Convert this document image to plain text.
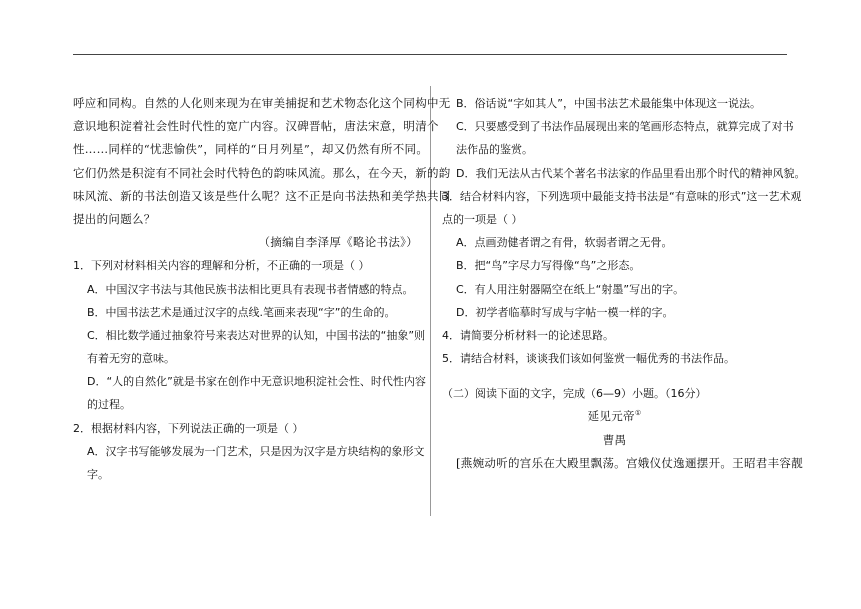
呼应和同构。自然的人化则来现为在审美捕捉和艺术物态化这个同构中无
意识地积淀着社会性时代性的宽广内容。汉碑晋帖，唐法宋意，明清个
性……同样的“忧悲愉佚”，同样的“日月列星”，却又仍然有所不同。
它们仍然是积淀有不同社会时代特色的韵味风流。那么，在今天，新的韵
味风流、新的书法创造又该是些什么呢？这不正是向书法热和美学热共同
提出的问题么？
（摘编自李泽厚《略论书法》）
1．下列对材料相关内容的理解和分析，不正确的一项是（ ）
A．中国汉字书法与其他民族书法相比更具有表现书者情感的特点。
B．中国书法艺术是通过汉字的点线.笔画来表现“字”的生命的。
C．相比数学通过抽象符号来表达对世界的认知，中国书法的“抽象”则
有着无穷的意味。
D．“人的自然化”就是书家在创作中无意识地积淀社会性、时代性内容
的过程。
2．根据材料内容，下列说法正确的一项是（ ）
A．汉字书写能够发展为一门艺术，只是因为汉字是方块结构的象形文
字。
B．俗话说“字如其人”，中国书法艺术最能集中体现这一说法。
C．只要感受到了书法作品展现出来的笔画形态特点，就算完成了对书
法作品的鉴赏。
D．我们无法从古代某个著名书法家的作品里看出那个时代的精神风貌。
3．结合材料内容，下列选项中最能支持书法是“有意味的形式”这一艺术观
点的一项是（ ）
A．点画劲健者谓之有骨，软弱者谓之无骨。
B．把“鸟”字尽力写得像“鸟”之形态。
C．有人用注射器隔空在纸上“射墨”写出的字。
D．初学者临摹时写成与字帖一模一样的字。
4．请简要分析材料一的论述思路。
5．请结合材料，谈谈我们该如何鉴赏一幅优秀的书法作品。
（二）阅读下面的文字，完成（6—9）小题。（16分）
延见元帝①
曹禺
[燕婉动听的宫乐在大殿里飘荡。宫娥仪仗逸逦摆开。王昭君丰容靓
